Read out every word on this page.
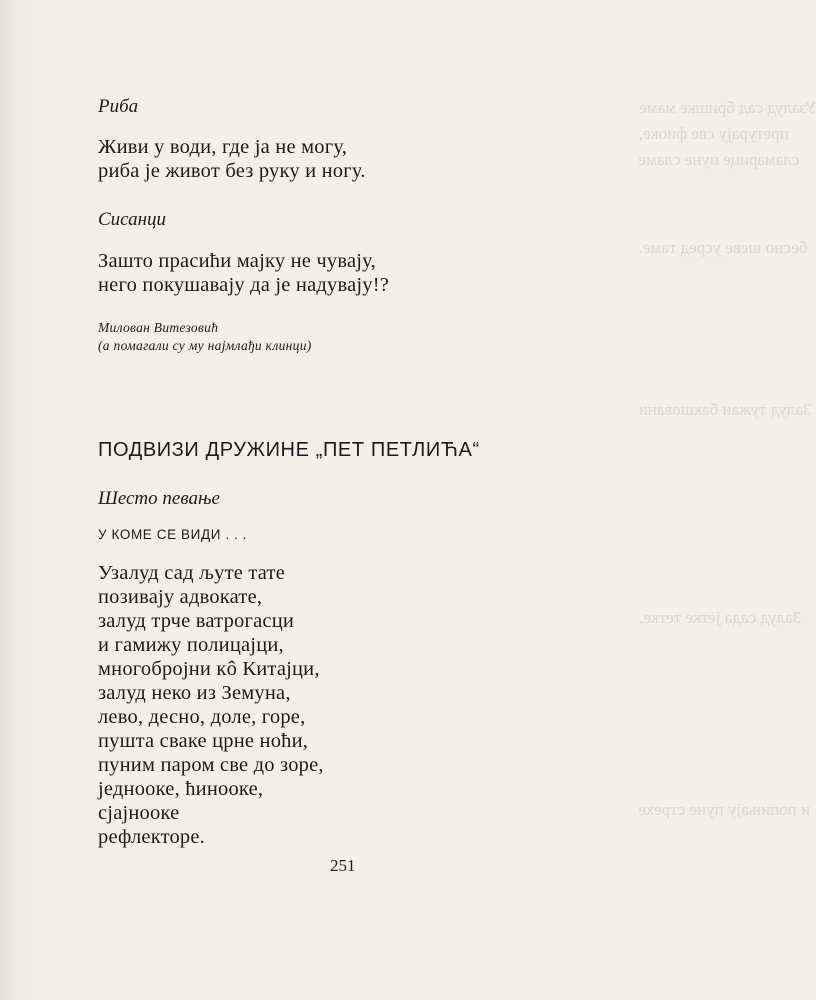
Узалуд сад бришке маме
претурају све фиоке,
сламарице пуне сламе
бесно шеве усред таме.
Залуд тужан бакшовани
Залуд сада јетке тетке,
и попињају пуне стрехе
Риба
Живи у води, где ја не могу,
риба је живот без руку и ногу.
Сисанци
Зашто прасићи мајку не чувају,
него покушавају да је надувају!?
Милован Витезовић
(а помагали су му најмлађи клинци)
ПОДВИЗИ ДРУЖИНЕ „ПЕТ ПЕТЛИЋА“
Шесто певање
У КОМЕ СЕ ВИДИ . . .
Узалуд сад љуте тате
позивају адвокате,
залуд трче ватрогасци
и гамижу полицајци,
многобројни кô Китајци,
залуд неко из Земуна,
лево, десно, доле, горе,
пушта сваке црне ноћи,
пуним паром све до зоре,
једнооке, ћиноoке,
сјајнооке
рефлекторе.
251
